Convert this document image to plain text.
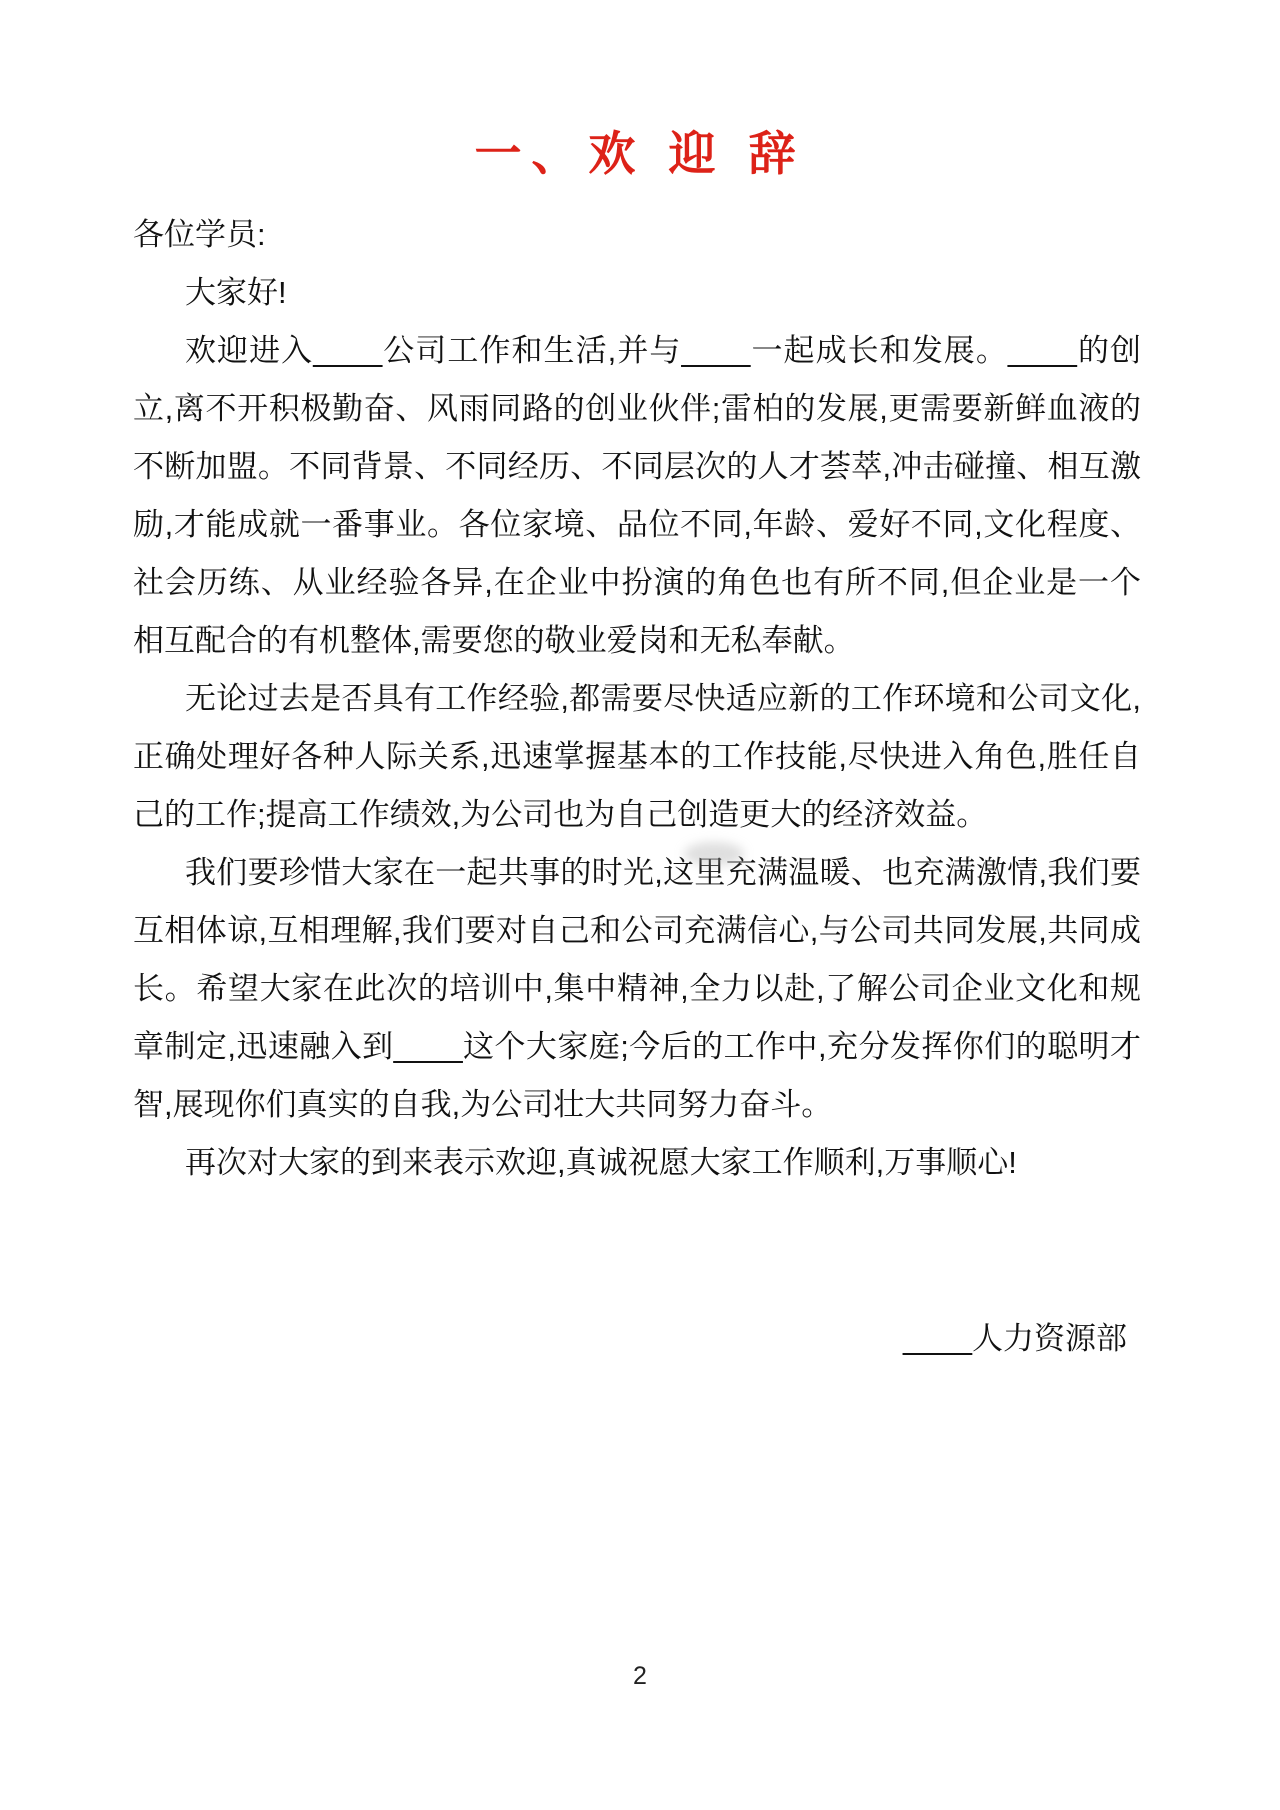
一、欢 迎 辞

各位学员:

大家好!

欢迎进入____公司工作和生活,并与____一起成长和发展。____的创立,离不开积极勤奋、风雨同路的创业伙伴;雷柏的发展,更需要新鲜血液的不断加盟。不同背景、不同经历、不同层次的人才荟萃,冲击碰撞、相互激励,才能成就一番事业。各位家境、品位不同,年龄、爱好不同,文化程度、社会历练、从业经验各异,在企业中扮演的角色也有所不同,但企业是一个相互配合的有机整体,需要您的敬业爱岗和无私奉献。

无论过去是否具有工作经验,都需要尽快适应新的工作环境和公司文化,正确处理好各种人际关系,迅速掌握基本的工作技能,尽快进入角色,胜任自己的工作;提高工作绩效,为公司也为自己创造更大的经济效益。

我们要珍惜大家在一起共事的时光,这里充满温暖、也充满激情,我们要互相体谅,互相理解,我们要对自己和公司充满信心,与公司共同发展,共同成长。希望大家在此次的培训中,集中精神,全力以赴,了解公司企业文化和规章制定,迅速融入到____这个大家庭;今后的工作中,充分发挥你们的聪明才智,展现你们真实的自我,为公司壮大共同努力奋斗。

再次对大家的到来表示欢迎,真诚祝愿大家工作顺利,万事顺心!

____人力资源部

2
